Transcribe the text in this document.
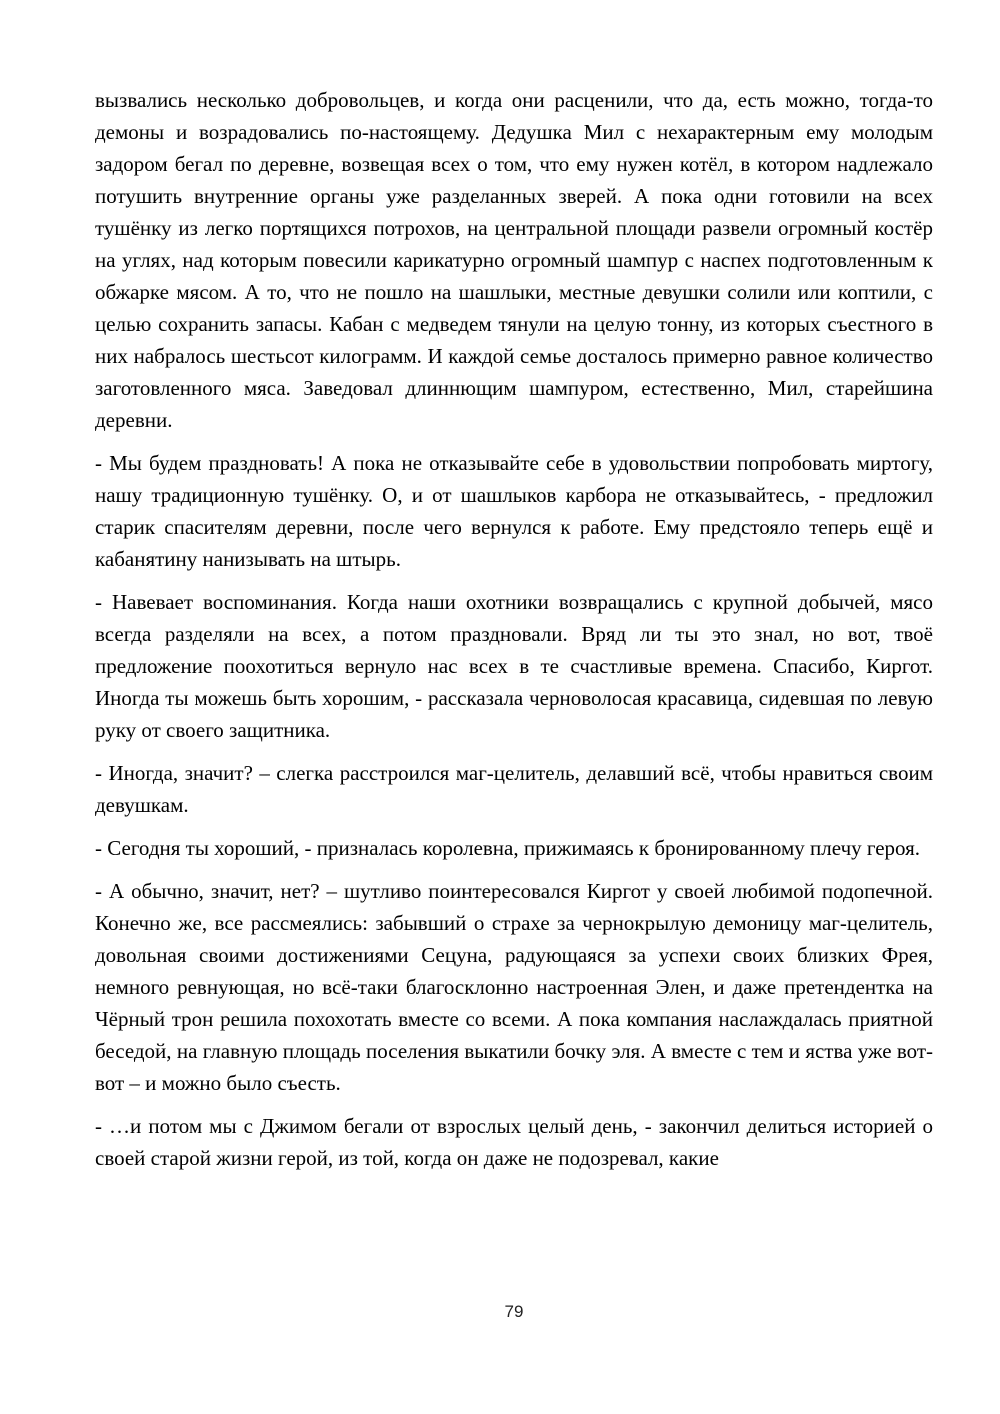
вызвались несколько добровольцев, и когда они расценили, что да, есть можно, тогда-то демоны и возрадовались по-настоящему. Дедушка Мил с нехарактерным ему молодым задором бегал по деревне, возвещая всех о том, что ему нужен котёл, в котором надлежало потушить внутренние органы уже разделанных зверей. А пока одни готовили на всех тушёнку из легко портящихся потрохов, на центральной площади развели огромный костёр на углях, над которым повесили карикатурно огромный шампур с наспех подготовленным к обжарке мясом. А то, что не пошло на шашлыки, местные девушки солили или коптили, с целью сохранить запасы. Кабан с медведем тянули на целую тонну, из которых съестного в них набралось шестьсот килограмм. И каждой семье досталось примерно равное количество заготовленного мяса. Заведовал длиннющим шампуром, естественно, Мил, старейшина деревни.

- Мы будем праздновать! А пока не отказывайте себе в удовольствии попробовать миртогу, нашу традиционную тушёнку. О, и от шашлыков карбора не отказывайтесь, - предложил старик спасителям деревни, после чего вернулся к работе. Ему предстояло теперь ещё и кабанятину нанизывать на штырь.

- Навевает воспоминания. Когда наши охотники возвращались с крупной добычей, мясо всегда разделяли на всех, а потом праздновали. Вряд ли ты это знал, но вот, твоё предложение поохотиться вернуло нас всех в те счастливые времена. Спасибо, Киргот. Иногда ты можешь быть хорошим, - рассказала черноволосая красавица, сидевшая по левую руку от своего защитника.

- Иногда, значит? – слегка расстроился маг-целитель, делавший всё, чтобы нравиться своим девушкам.

- Сегодня ты хороший, - призналась королевна, прижимаясь к бронированному плечу героя.

- А обычно, значит, нет? – шутливо поинтересовался Киргот у своей любимой подопечной. Конечно же, все рассмеялись: забывший о страхе за чернокрылую демоницу маг-целитель, довольная своими достижениями Сецуна, радующаяся за успехи своих близких Фрея, немного ревнующая, но всё-таки благосклонно настроенная Элен, и даже претендентка на Чёрный трон решила похохотать вместе со всеми. А пока компания наслаждалась приятной беседой, на главную площадь поселения выкатили бочку эля. А вместе с тем и яства уже вот-вот – и можно было съесть.

- …и потом мы с Джимом бегали от взрослых целый день, - закончил делиться историей о своей старой жизни герой, из той, когда он даже не подозревал, какие

79
